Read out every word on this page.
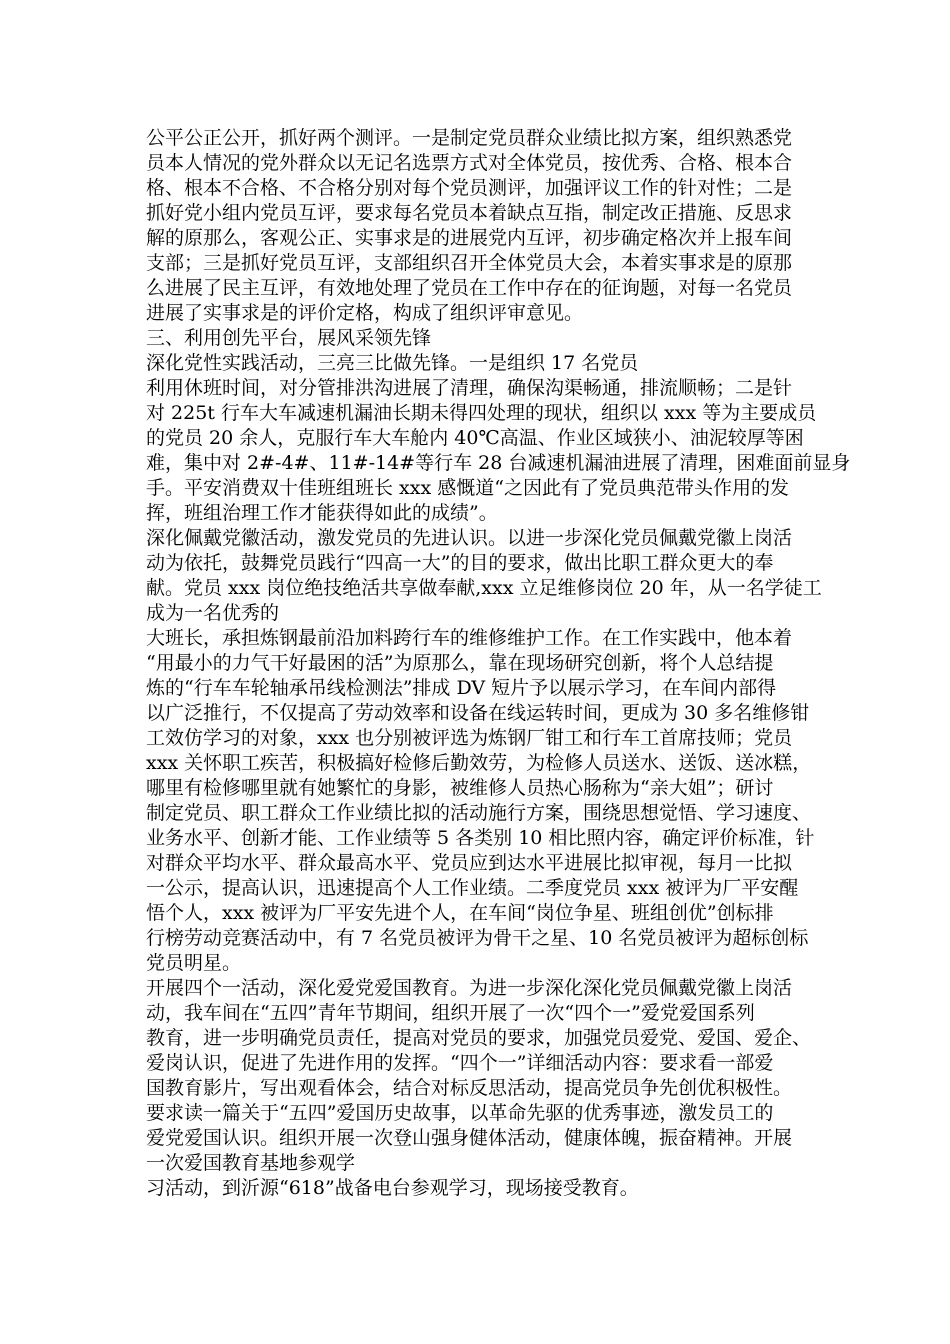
公平公正公开，抓好两个测评。一是制定党员群众业绩比拟方案，组织熟悉党
员本人情况的党外群众以无记名选票方式对全体党员，按优秀、合格、根本合
格、根本不合格、不合格分别对每个党员测评，加强评议工作的针对性；二是
抓好党小组内党员互评，要求每名党员本着缺点互指，制定改正措施、反思求
解的原那么，客观公正、实事求是的进展党内互评，初步确定格次并上报车间
支部；三是抓好党员互评，支部组织召开全体党员大会，本着实事求是的原那
么进展了民主互评，有效地处理了党员在工作中存在的征询题，对每一名党员
进展了实事求是的评价定格，构成了组织评审意见。
三、利用创先平台，展风采领先锋
深化党性实践活动，三亮三比做先锋。一是组织 17 名党员
利用休班时间，对分管排洪沟进展了清理，确保沟渠畅通，排流顺畅；二是针
对 225t 行车大车减速机漏油长期未得四处理的现状，组织以 xxx 等为主要成员
的党员 20 余人，克服行车大车舱内 40℃高温、作业区域狭小、油泥较厚等困
难，集中对 2#-4#、11#-14#等行车 28 台减速机漏油进展了清理，困难面前显身
手。平安消费双十佳班组班长 xxx 感慨道“之因此有了党员典范带头作用的发
挥，班组治理工作才能获得如此的成绩”。
深化佩戴党徽活动，激发党员的先进认识。以进一步深化党员佩戴党徽上岗活
动为依托，鼓舞党员践行“四高一大”的目的要求，做出比职工群众更大的奉
献。党员 xxx 岗位绝技绝活共享做奉献,xxx 立足维修岗位 20 年，从一名学徒工
成为一名优秀的
大班长，承担炼钢最前沿加料跨行车的维修维护工作。在工作实践中，他本着
“用最小的力气干好最困的活”为原那么，靠在现场研究创新，将个人总结提
炼的“行车车轮轴承吊线检测法”排成 DV 短片予以展示学习，在车间内部得
以广泛推行，不仅提高了劳动效率和设备在线运转时间，更成为 30 多名维修钳
工效仿学习的对象，xxx 也分别被评选为炼钢厂钳工和行车工首席技师；党员
xxx 关怀职工疾苦，积极搞好检修后勤效劳，为检修人员送水、送饭、送冰糕，
哪里有检修哪里就有她繁忙的身影，被维修人员热心肠称为“亲大姐”；研讨
制定党员、职工群众工作业绩比拟的活动施行方案，围绕思想觉悟、学习速度、
业务水平、创新才能、工作业绩等 5 各类别 10 相比照内容，确定评价标准，针
对群众平均水平、群众最高水平、党员应到达水平进展比拟审视，每月一比拟
一公示，提高认识，迅速提高个人工作业绩。二季度党员 xxx 被评为厂平安醒
悟个人，xxx 被评为厂平安先进个人，在车间“岗位争星、班组创优”创标排
行榜劳动竞赛活动中，有 7 名党员被评为骨干之星、10 名党员被评为超标创标
党员明星。
开展四个一活动，深化爱党爱国教育。为进一步深化深化党员佩戴党徽上岗活
动，我车间在“五四”青年节期间，组织开展了一次“四个一”爱党爱国系列
教育，进一步明确党员责任，提高对党员的要求，加强党员爱党、爱国、爱企、
爱岗认识，促进了先进作用的发挥。“四个一”详细活动内容：要求看一部爱
国教育影片，写出观看体会，结合对标反思活动，提高党员争先创优积极性。
要求读一篇关于“五四”爱国历史故事，以革命先驱的优秀事迹，激发员工的
爱党爱国认识。组织开展一次登山强身健体活动，健康体魄，振奋精神。开展
一次爱国教育基地参观学
习活动，到沂源“618”战备电台参观学习，现场接受教育。
